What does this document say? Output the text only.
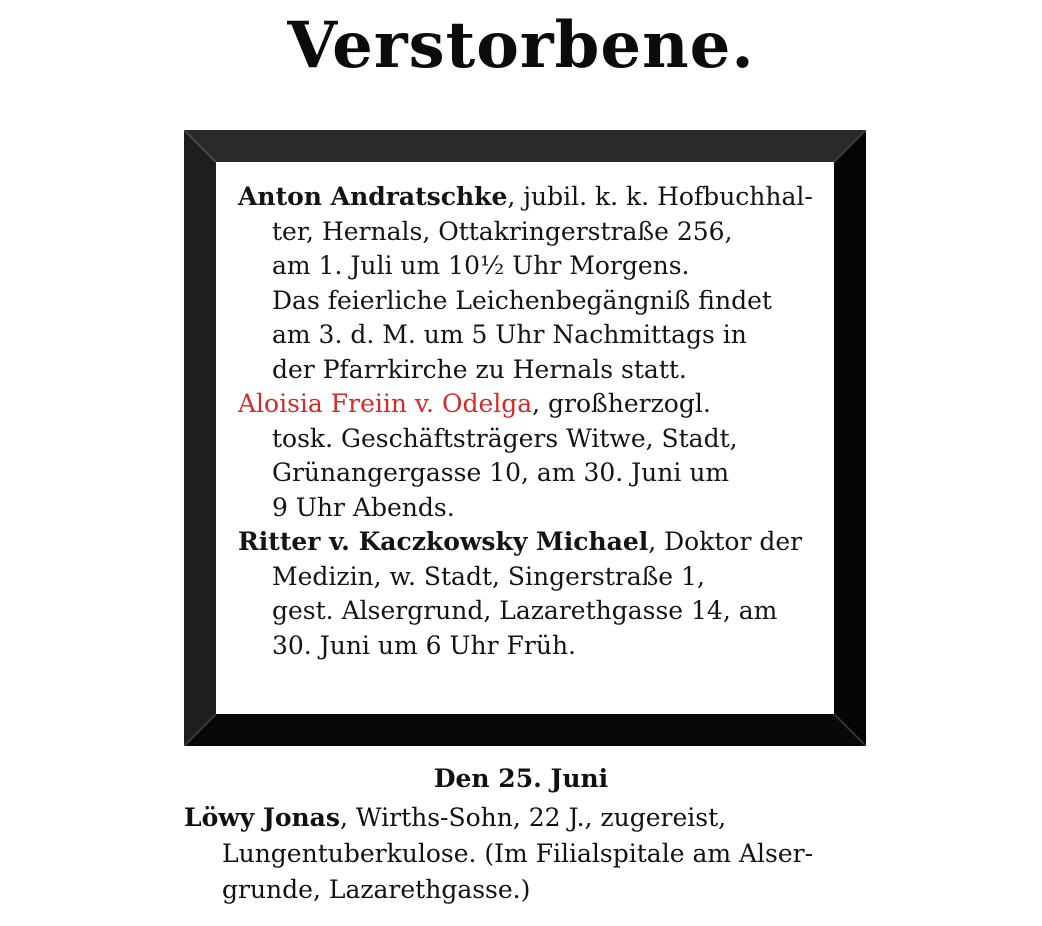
Verstorbene.

Anton Andratschke, jubil. k. k. Hofbuchhal-
ter, Hernals, Ottakringerstraße 256,
am 1. Juli um 10½ Uhr Morgens.
Das feierliche Leichenbegängniß findet
am 3. d. M. um 5 Uhr Nachmittags in
der Pfarrkirche zu Hernals statt.

Aloisia Freiin v. Odelga, großherzogl.
tosk. Geschäftsträgers Witwe, Stadt,
Grünangergasse 10, am 30. Juni um
9 Uhr Abends.

Ritter v. Kaczkowsky Michael, Doktor der
Medizin, w. Stadt, Singerstraße 1,
gest. Alsergrund, Lazarethgasse 14, am
30. Juni um 6 Uhr Früh.

Den 25. Juni
Löwy Jonas, Wirths-Sohn, 22 J., zugereist,
Lungentuberkulose. (Im Filialspitale am Alser-
grunde, Lazarethgasse.)
